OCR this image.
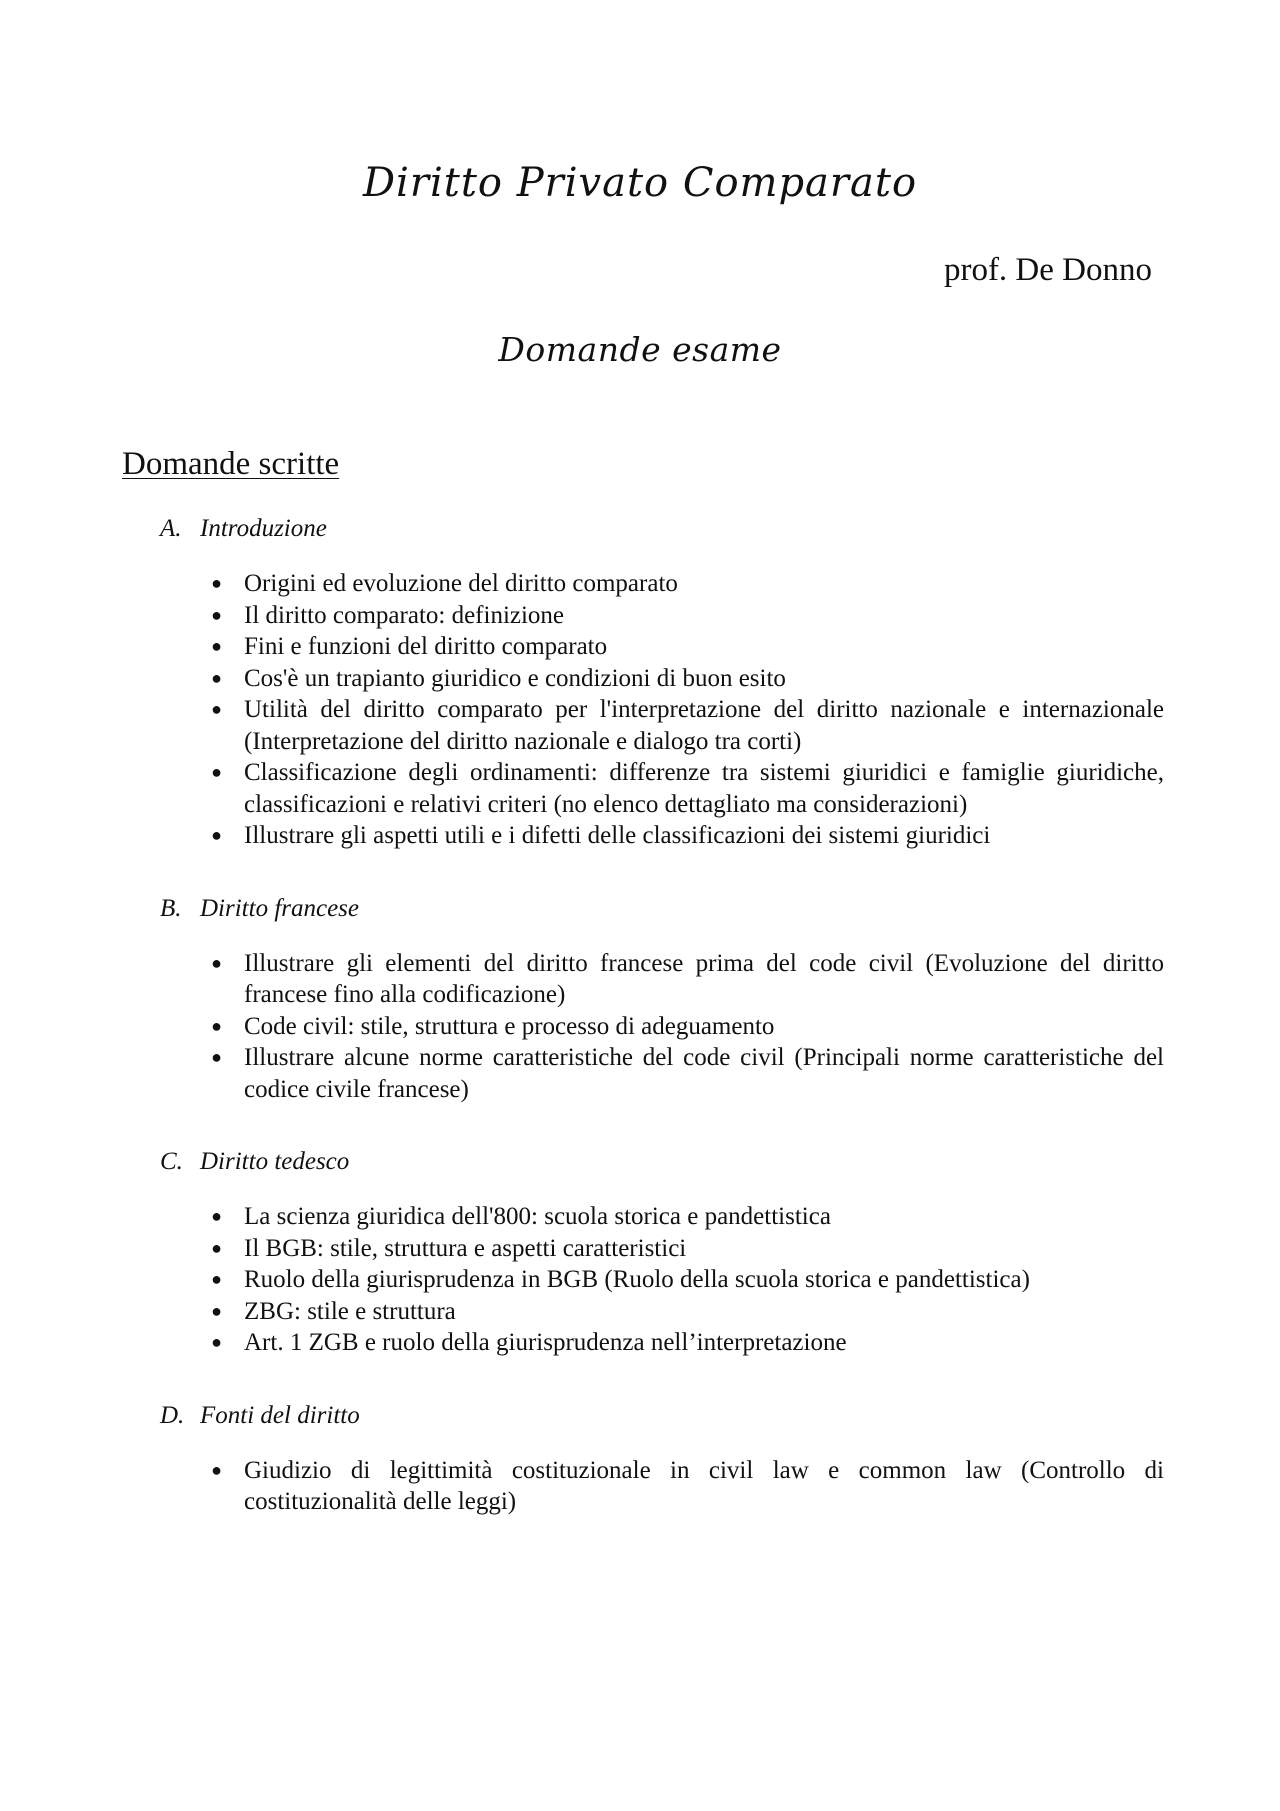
Diritto Privato Comparato
prof. De Donno
Domande esame
Domande scritte
A. Introduzione
● Origini ed evoluzione del diritto comparato
● Il diritto comparato: definizione
● Fini e funzioni del diritto comparato
● Cos'è un trapianto giuridico e condizioni di buon esito
● Utilità del diritto comparato per l'interpretazione del diritto nazionale e internazionale (Interpretazione del diritto nazionale e dialogo tra corti)
● Classificazione degli ordinamenti: differenze tra sistemi giuridici e famiglie giuridiche, classificazioni e relativi criteri (no elenco dettagliato ma considerazioni)
● Illustrare gli aspetti utili e i difetti delle classificazioni dei sistemi giuridici
B. Diritto francese
● Illustrare gli elementi del diritto francese prima del code civil (Evoluzione del diritto francese fino alla codificazione)
● Code civil: stile, struttura e processo di adeguamento
● Illustrare alcune norme caratteristiche del code civil (Principali norme caratteristiche del codice civile francese)
C. Diritto tedesco
● La scienza giuridica dell'800: scuola storica e pandettistica
● Il BGB: stile, struttura e aspetti caratteristici
● Ruolo della giurisprudenza in BGB (Ruolo della scuola storica e pandettistica)
● ZBG: stile e struttura
● Art. 1 ZGB e ruolo della giurisprudenza nell’interpretazione
D. Fonti del diritto
● Giudizio di legittimità costituzionale in civil law e common law (Controllo di costituzionalità delle leggi)
